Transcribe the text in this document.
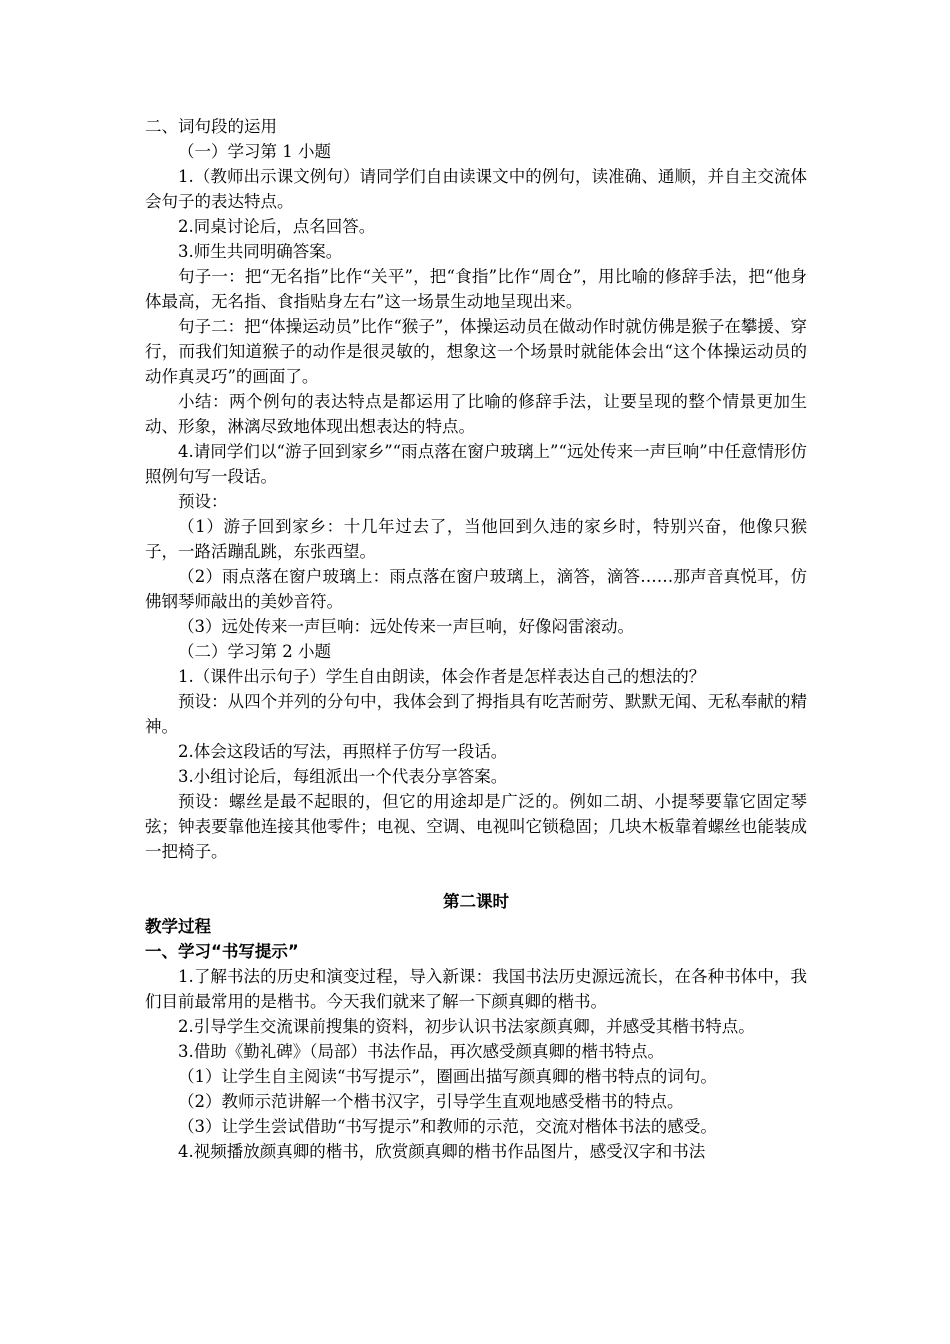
二、词句段的运用

（一）学习第 1 小题

1.（教师出示课文例句）请同学们自由读课文中的例句，读准确、通顺，并自主交流体会句子的表达特点。

2.同桌讨论后，点名回答。

3.师生共同明确答案。

句子一：把“无名指”比作“关平”，把“食指”比作“周仓”，用比喻的修辞手法，把“他身体最高，无名指、食指贴身左右”这一场景生动地呈现出来。

句子二：把“体操运动员”比作“猴子”，体操运动员在做动作时就仿佛是猴子在攀援、穿行，而我们知道猴子的动作是很灵敏的，想象这一个场景时就能体会出“这个体操运动员的动作真灵巧”的画面了。

小结：两个例句的表达特点是都运用了比喻的修辞手法，让要呈现的整个情景更加生动、形象，淋漓尽致地体现出想表达的特点。

4.请同学们以“游子回到家乡”“雨点落在窗户玻璃上”“远处传来一声巨响”中任意情形仿照例句写一段话。

预设：

（1）游子回到家乡：十几年过去了，当他回到久违的家乡时，特别兴奋，他像只猴子，一路活蹦乱跳，东张西望。

（2）雨点落在窗户玻璃上：雨点落在窗户玻璃上，滴答，滴答……那声音真悦耳，仿佛钢琴师敲出的美妙音符。

（3）远处传来一声巨响：远处传来一声巨响，好像闷雷滚动。

（二）学习第 2 小题

1.（课件出示句子）学生自由朗读，体会作者是怎样表达自己的想法的？

预设：从四个并列的分句中，我体会到了拇指具有吃苦耐劳、默默无闻、无私奉献的精神。

2.体会这段话的写法，再照样子仿写一段话。

3.小组讨论后，每组派出一个代表分享答案。

预设：螺丝是最不起眼的，但它的用途却是广泛的。例如二胡、小提琴要靠它固定琴弦；钟表要靠他连接其他零件；电视、空调、电视叫它锁稳固；几块木板靠着螺丝也能装成一把椅子。

第二课时

教学过程

一、学习“书写提示”

1.了解书法的历史和演变过程，导入新课：我国书法历史源远流长，在各种书体中，我们目前最常用的是楷书。今天我们就来了解一下颜真卿的楷书。

2.引导学生交流课前搜集的资料，初步认识书法家颜真卿，并感受其楷书特点。

3.借助《勤礼碑》（局部）书法作品，再次感受颜真卿的楷书特点。

（1）让学生自主阅读“书写提示”，圈画出描写颜真卿的楷书特点的词句。

（2）教师示范讲解一个楷书汉字，引导学生直观地感受楷书的特点。

（3）让学生尝试借助“书写提示”和教师的示范，交流对楷体书法的感受。

4.视频播放颜真卿的楷书，欣赏颜真卿的楷书作品图片，感受汉字和书法
